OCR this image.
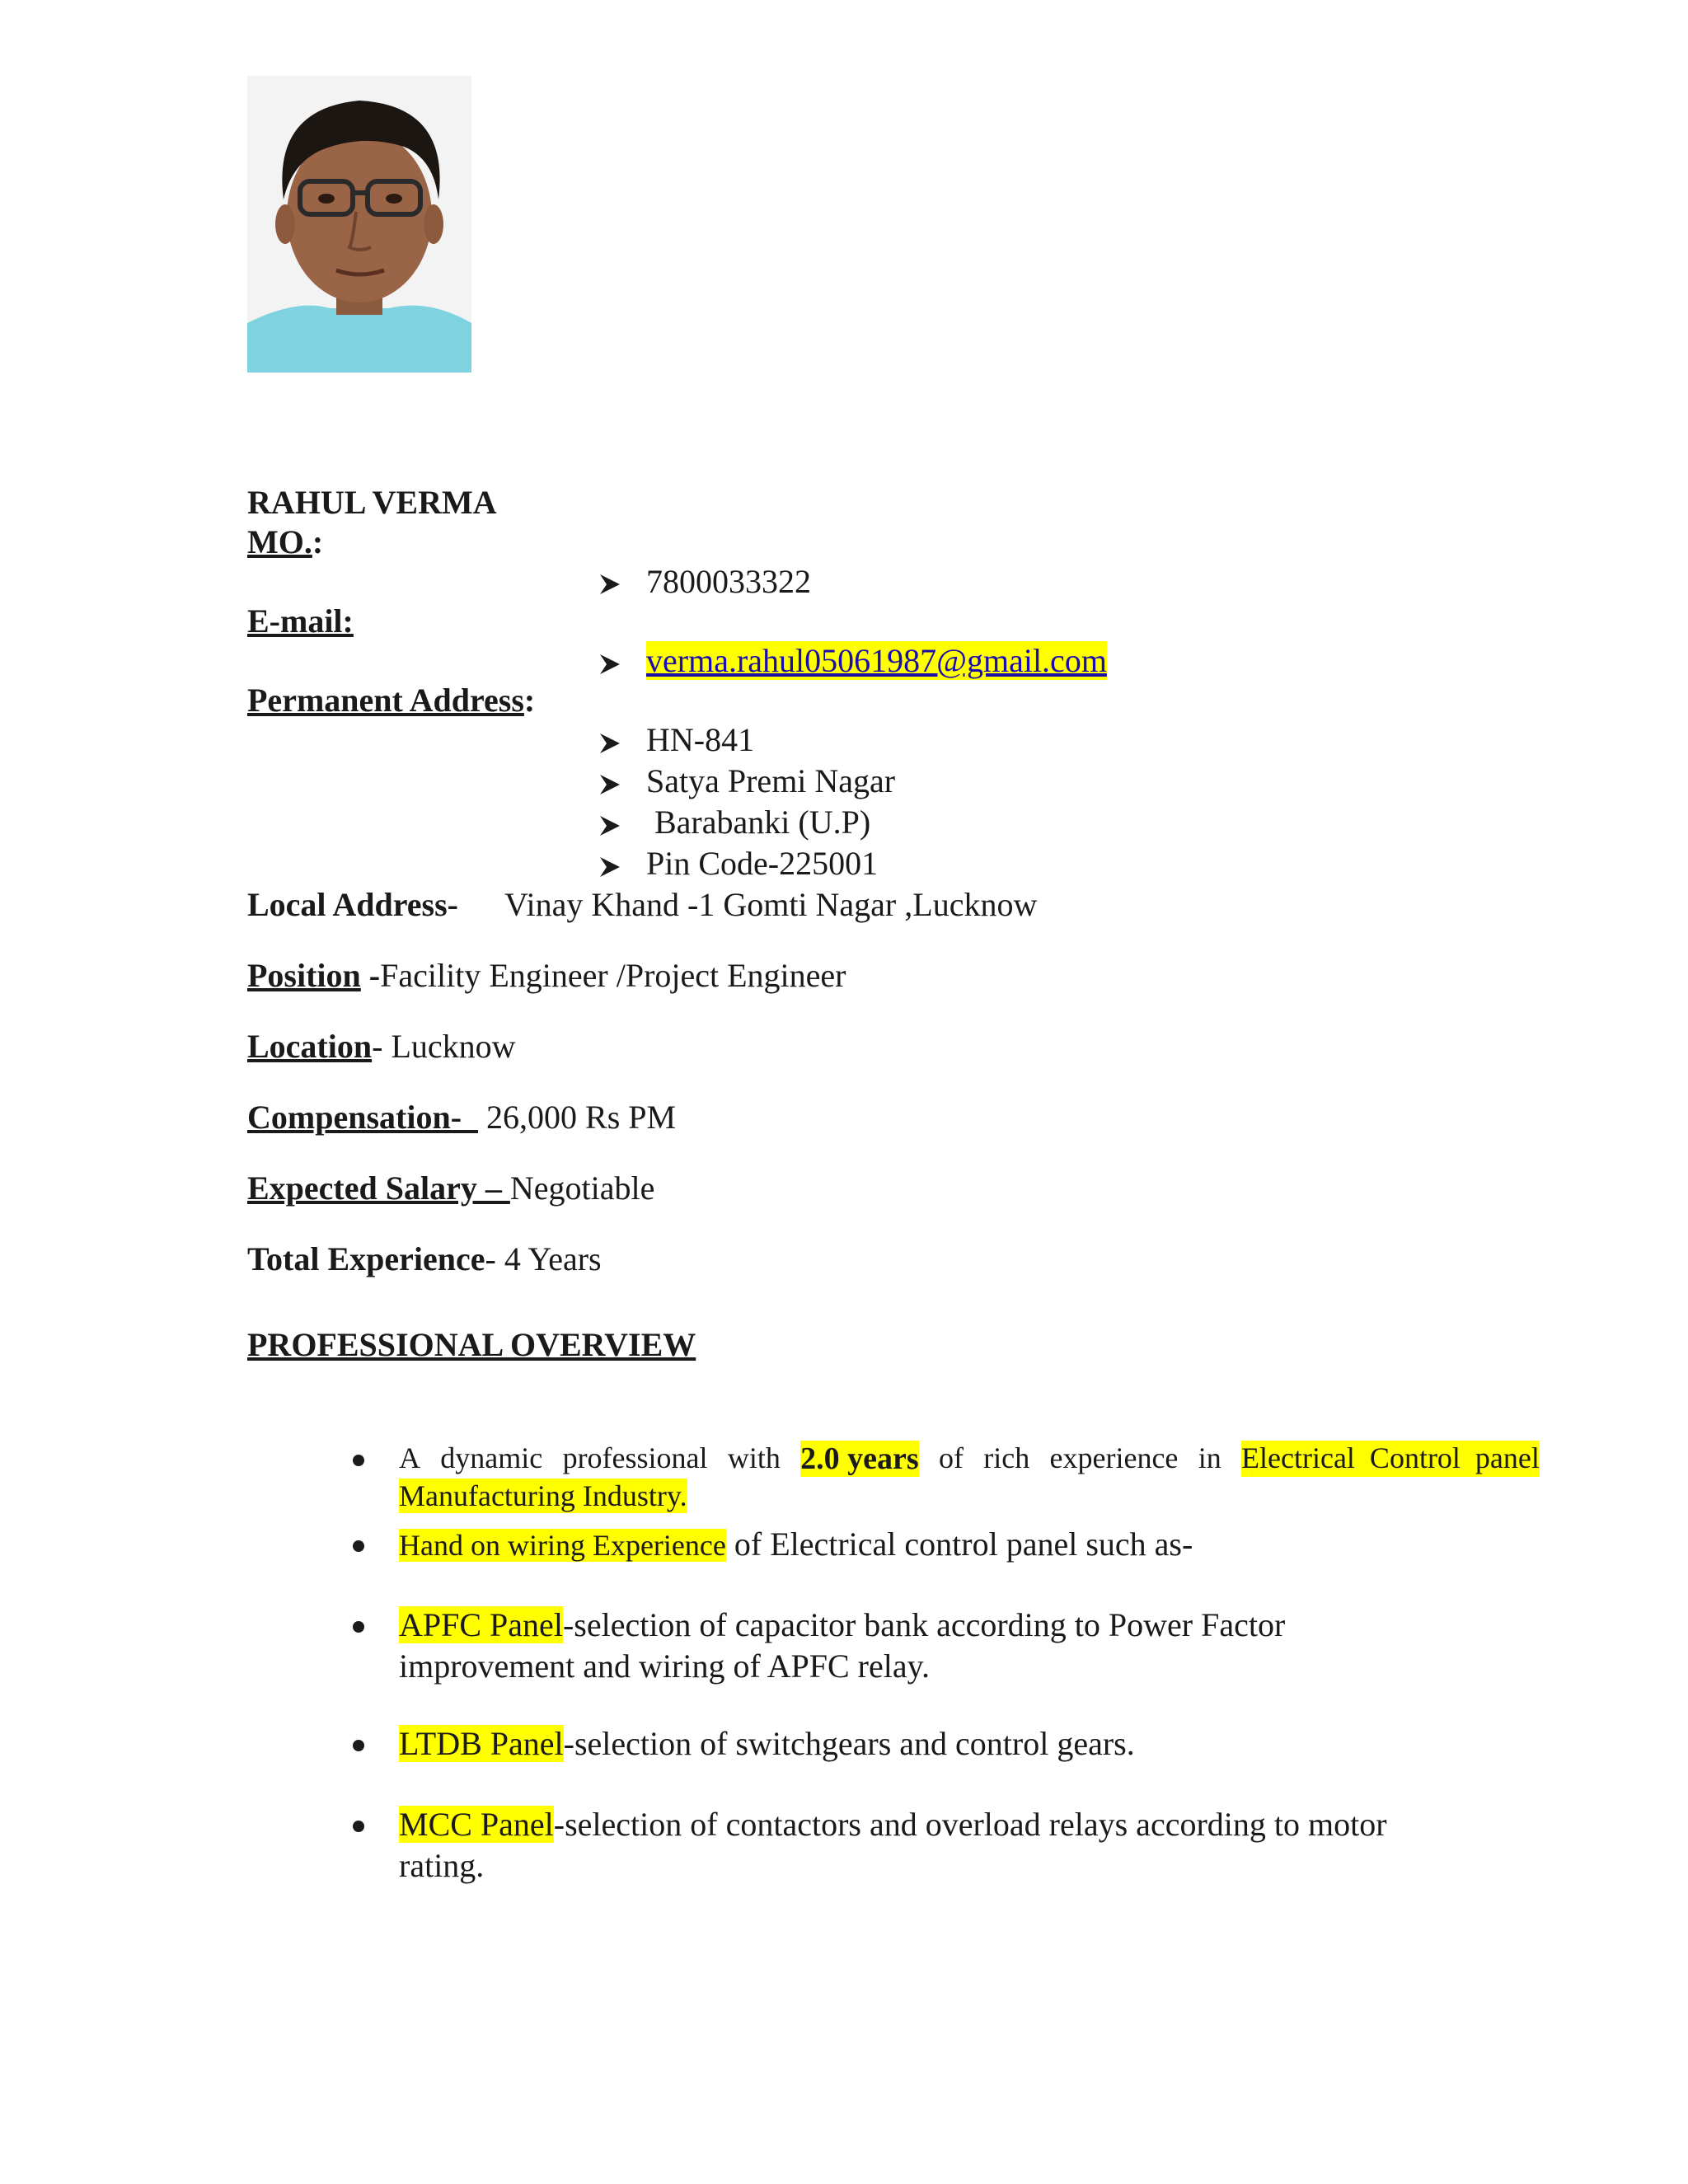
RAHUL VERMA
MO.:
7800033322
E-mail:
verma.rahul05061987@gmail.com
Permanent Address:
HN-841
Satya Premi Nagar
Barabanki (U.P)
Pin Code-225001
Local Address- Vinay Khand -1 Gomti Nagar ,Lucknow
Position -Facility Engineer /Project Engineer
Location- Lucknow
Compensation-   26,000 Rs PM
Expected Salary – Negotiable
Total Experience- 4 Years
PROFESSIONAL OVERVIEW
A dynamic professional with 2.0 years of rich experience in Electrical  Control  panel
Manufacturing Industry.
Hand on wiring Experience of Electrical control panel such as-
APFC Panel-selection of capacitor bank according to Power Factor
improvement and wiring of APFC relay.
LTDB Panel-selection of switchgears and control gears.
MCC Panel-selection of contactors and overload relays according to motor
rating.
